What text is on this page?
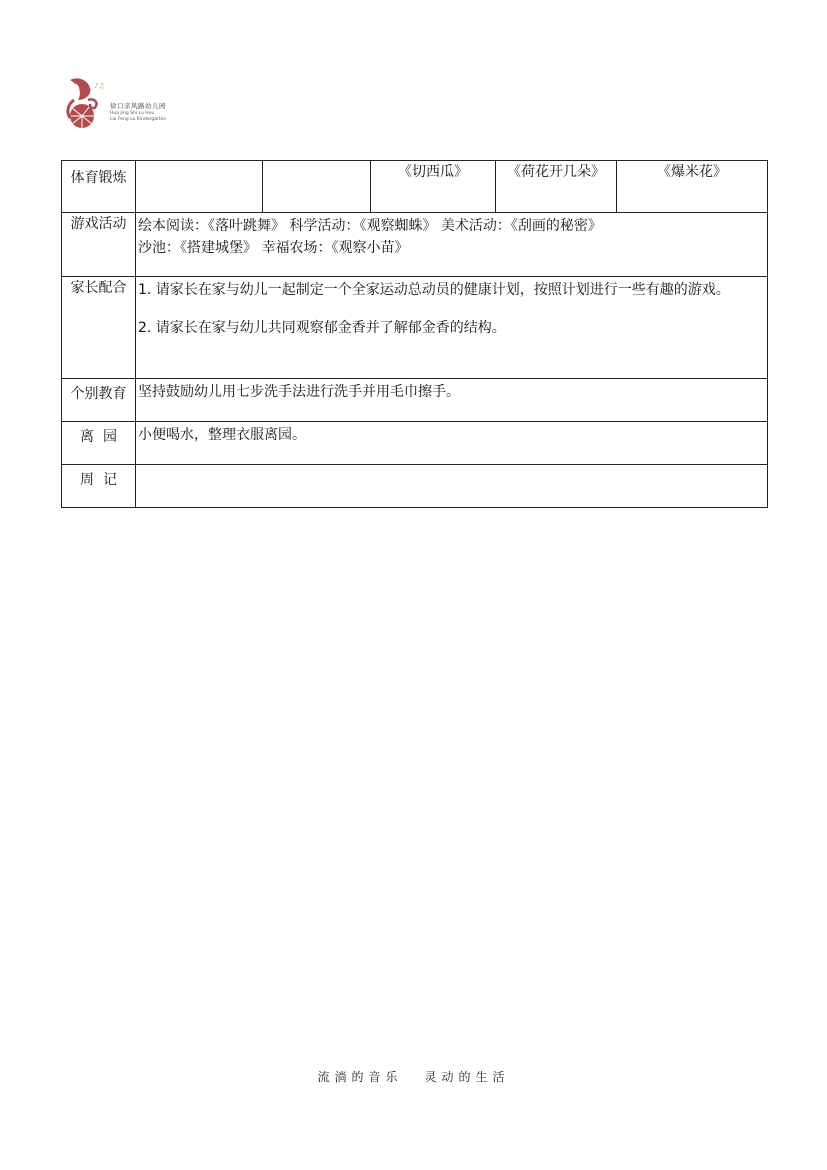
♪♫
徐口亲风路幼儿园
Hua Jing Shi Lu Hou
Lai Feng Lu Kindergarten
体育锻炼			《切西瓜》	《荷花开几朵》	《爆米花》
游戏活动	绘本阅读：《落叶跳舞》 科学活动：《观察蜘蛛》 美术活动：《刮画的秘密》
沙池：《搭建城堡》 幸福农场：《观察小苗》				

家长配合	1. 请家长在家与幼儿一起制定一个全家运动总动员的健康计划，按照计划进行一些有趣的游戏。
2. 请家长在家与幼儿共同观察郁金香并了解郁金香的结构。				

个别教育	坚持鼓励幼儿用七步洗手法进行洗手并用毛巾擦手。				

离  园	小便喝水，整理衣服离园。				

周  记					
流淌的音乐 灵动的生活
